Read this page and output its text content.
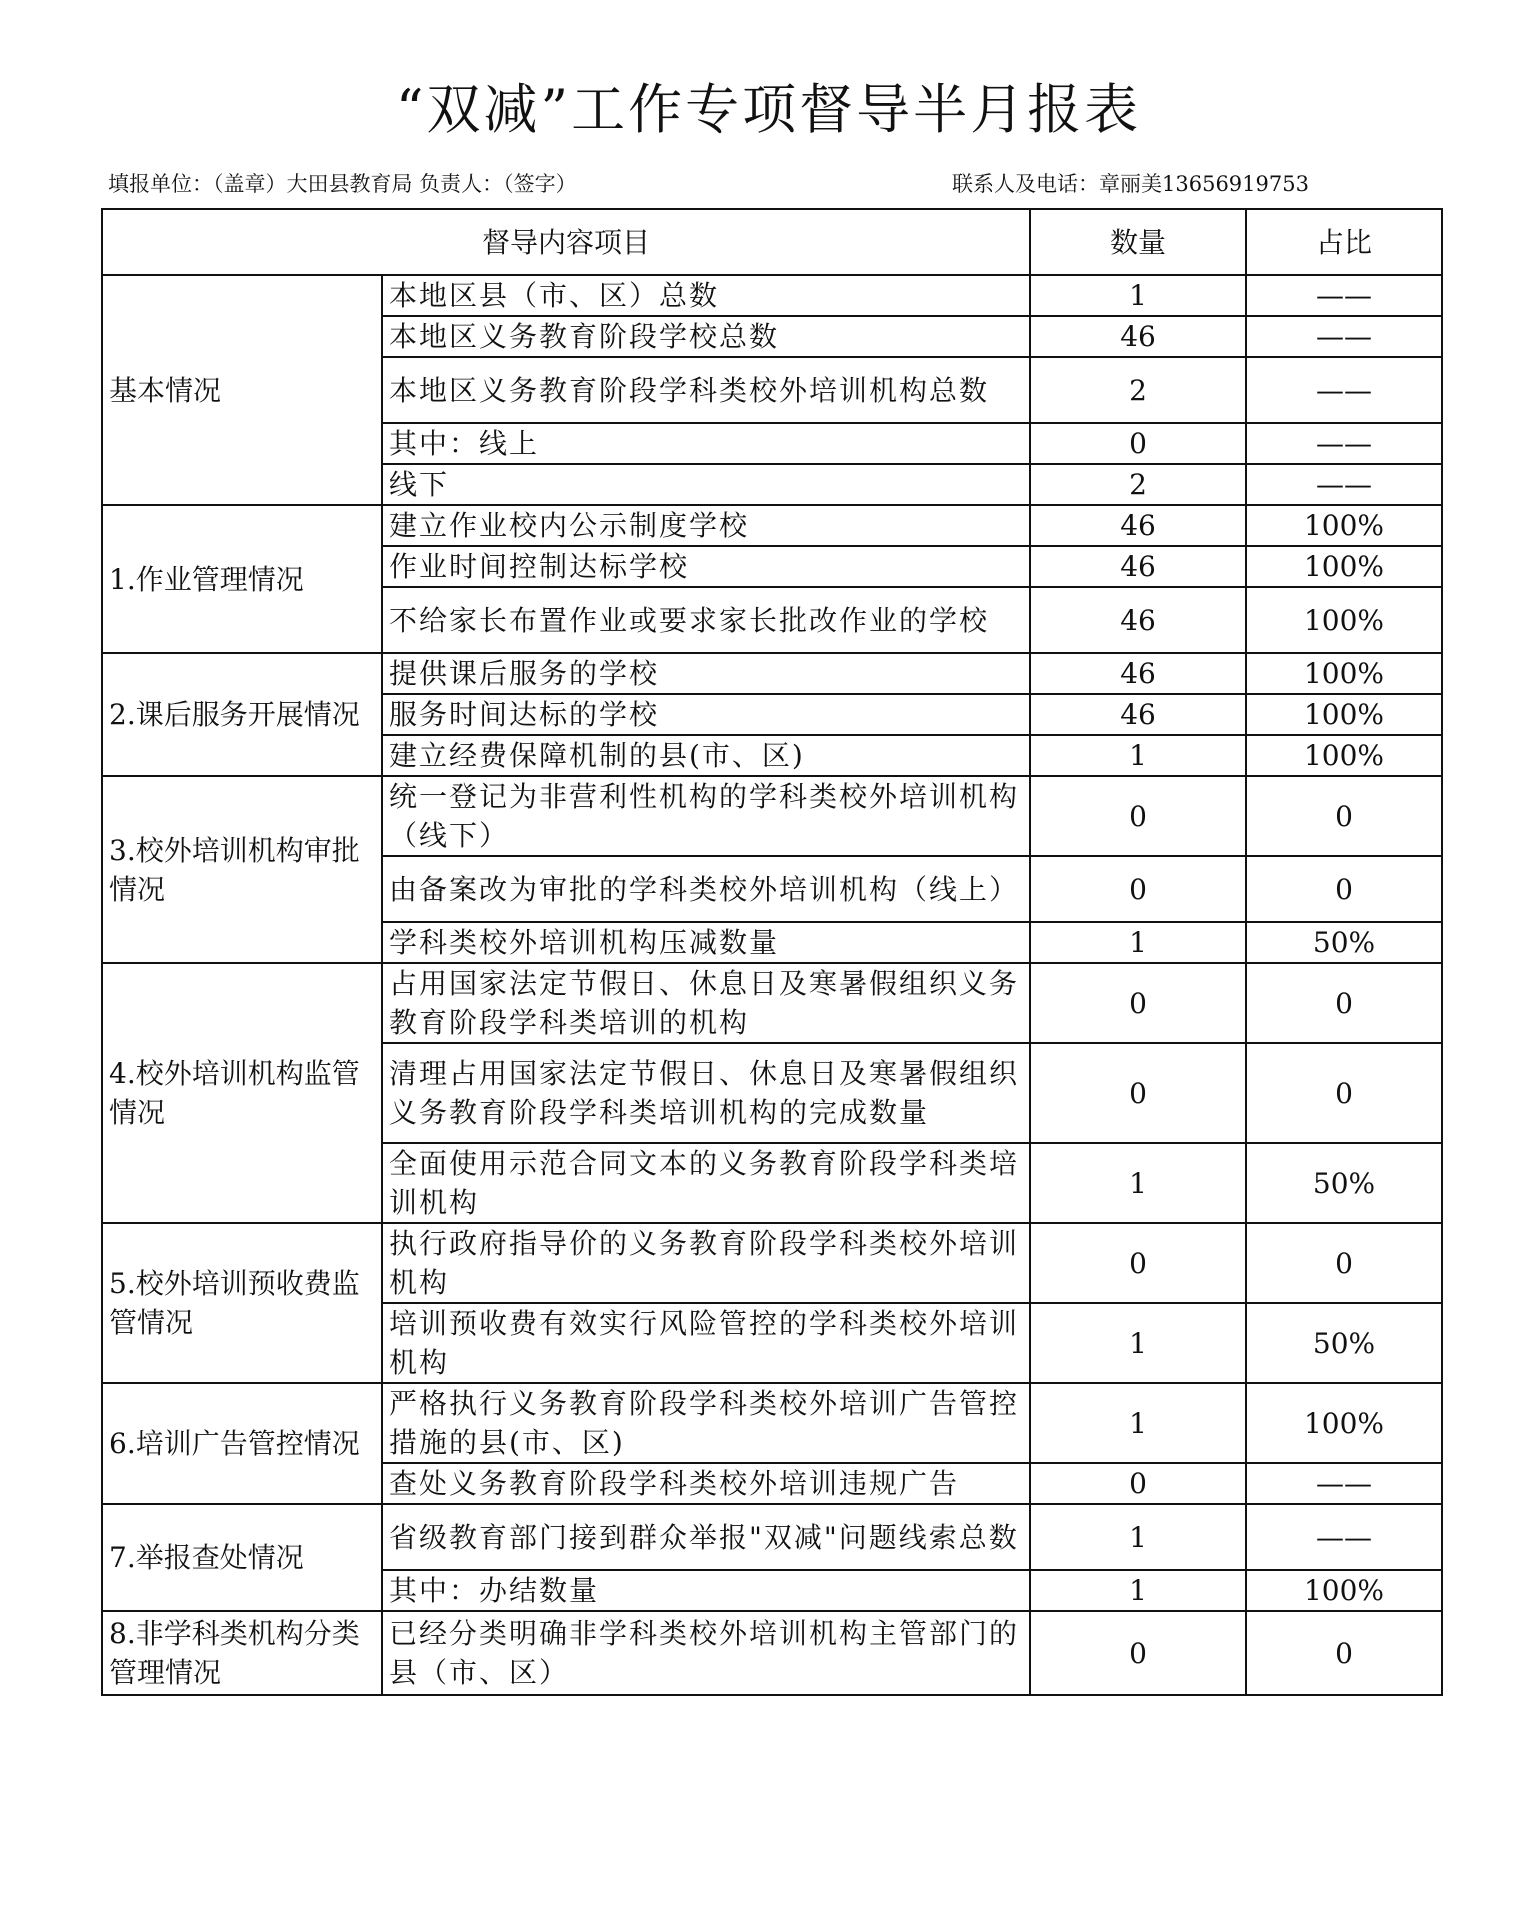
“双减”工作专项督导半月报表
填报单位：（盖章）大田县教育局 负责人：（签字）	联系人及电话：章丽美13656919753
督导内容项目		数量	占比
基本情况	本地区县（市、区）总数	1	——
	本地区义务教育阶段学校总数	46	——
	本地区义务教育阶段学科类校外培训机构总数	2	——
	其中：线上	0	——
	线下	2	——
1.作业管理情况	建立作业校内公示制度学校	46	100%
	作业时间控制达标学校	46	100%
	不给家长布置作业或要求家长批改作业的学校	46	100%
2.课后服务开展情况	提供课后服务的学校	46	100%
	服务时间达标的学校	46	100%
	建立经费保障机制的县(市、区)	1	100%
3.校外培训机构审批情况	统一登记为非营利性机构的学科类校外培训机构（线下）	0	0
	由备案改为审批的学科类校外培训机构（线上）	0	0
	学科类校外培训机构压减数量	1	50%
4.校外培训机构监管情况	占用国家法定节假日、休息日及寒暑假组织义务教育阶段学科类培训的机构	0	0
	清理占用国家法定节假日、休息日及寒暑假组织义务教育阶段学科类培训机构的完成数量	0	0
	全面使用示范合同文本的义务教育阶段学科类培训机构	1	50%
5.校外培训预收费监管情况	执行政府指导价的义务教育阶段学科类校外培训机构	0	0
	培训预收费有效实行风险管控的学科类校外培训机构	1	50%
6.培训广告管控情况	严格执行义务教育阶段学科类校外培训广告管控措施的县(市、区)	1	100%
	查处义务教育阶段学科类校外培训违规广告	0	——
7.举报查处情况	省级教育部门接到群众举报"双减"问题线索总数	1	——
	其中：办结数量	1	100%
8.非学科类机构分类管理情况	已经分类明确非学科类校外培训机构主管部门的县（市、区）	0	0
